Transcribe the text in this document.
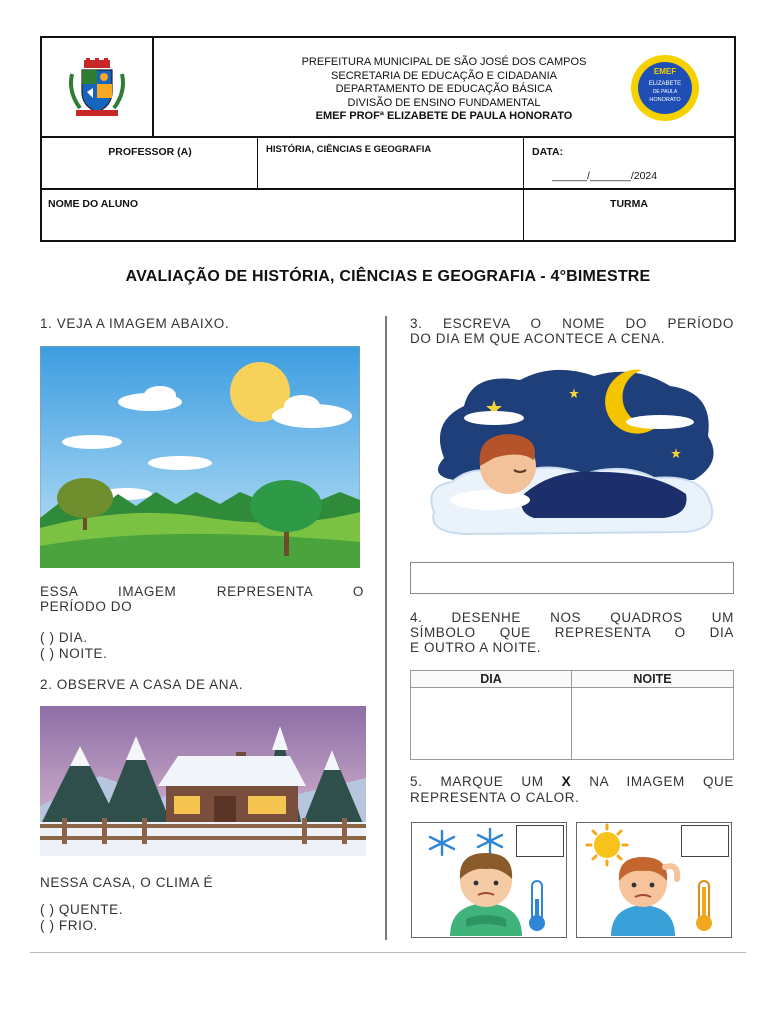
PREFEITURA MUNICIPAL DE SÃO JOSÉ DOS CAMPOS
SECRETARIA DE EDUCAÇÃO E CIDADANIA
DEPARTAMENTO DE EDUCAÇÃO BÁSICA
DIVISÃO DE ENSINO FUNDAMENTAL
EMEF PROFª ELIZABETE DE PAULA HONORATO
EMEF
ELIZABETE
DE PAULA
HONORATO
PROFESSOR (A)	HISTÓRIA, CIÊNCIAS E GEOGRAFIA	DATA:
______/_______/2024
NOME DO ALUNO	TURMA
AVALIAÇÃO DE HISTÓRIA, CIÊNCIAS E GEOGRAFIA - 4°BIMESTRE
1. VEJA A IMAGEM ABAIXO.
ESSA IMAGEM REPRESENTA O
PERÍODO DO
( ) DIA.
( ) NOITE.
2. OBSERVE A CASA DE ANA.
NESSA CASA, O CLIMA É
( ) QUENTE.
( ) FRIO.
3. ESCREVA O NOME DO PERÍODO
DO DIA EM QUE ACONTECE A CENA.
4. DESENHE NOS QUADROS UM
SÍMBOLO QUE REPRESENTA O DIA
E OUTRO A NOITE.
DIA	NOITE
5. MARQUE UM X NA IMAGEM QUE
REPRESENTA O CALOR.
